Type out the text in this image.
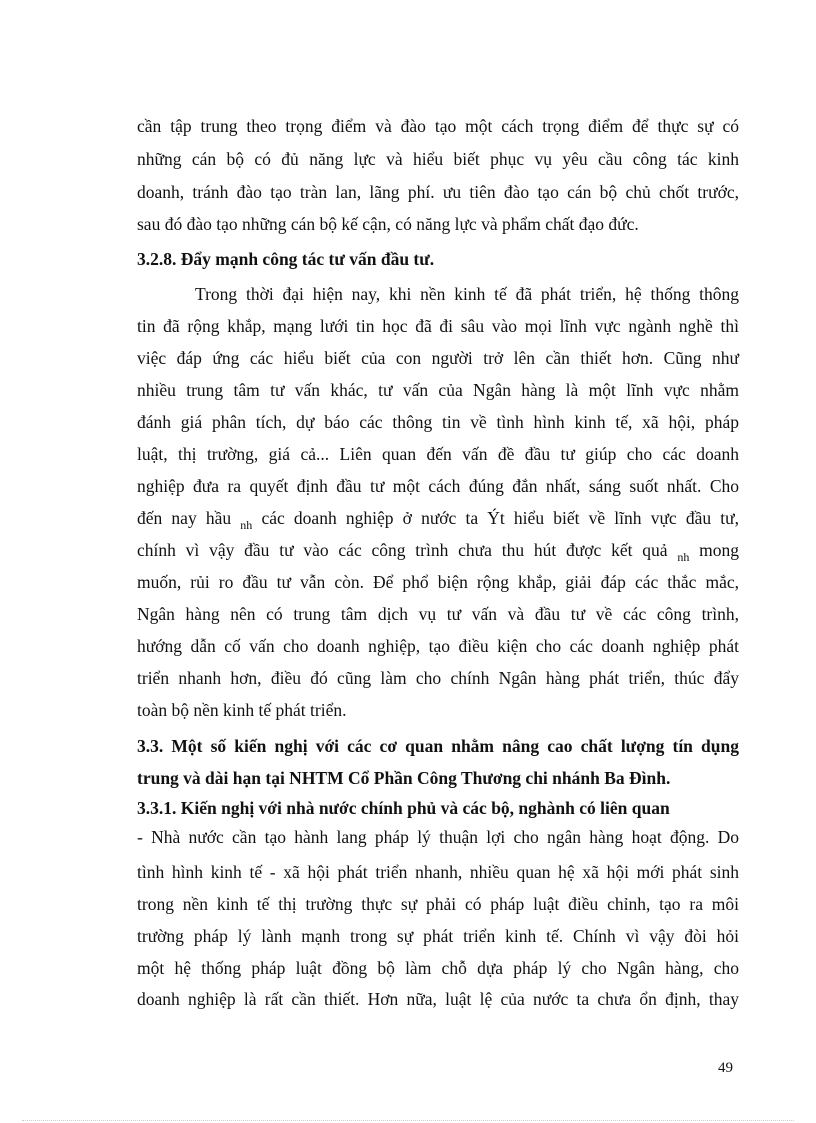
cần tập trung theo trọng điểm và đào tạo một cách trọng điểm để thực sự có
những cán bộ có đủ năng lực và hiểu biết phục vụ yêu cầu công tác kinh
doanh, tránh đào tạo tràn lan, lãng phí. ưu tiên đào tạo cán bộ chủ chốt trước,
sau đó đào tạo những cán bộ kế cận, có năng lực và phẩm chất đạo đức.
3.2.8. Đẩy mạnh công tác tư vấn đầu tư.
Trong thời đại hiện nay, khi nền kinh tế đã phát triển, hệ thống thông
tin đã rộng khắp, mạng lưới tin học đã đi sâu vào mọi lĩnh vực ngành nghề thì
việc đáp ứng các hiểu biết của con người trở lên cần thiết hơn. Cũng như
nhiều trung tâm tư vấn khác, tư vấn của Ngân hàng là một lĩnh vực nhằm
đánh giá phân tích, dự báo các thông tin về tình hình kinh tế, xã hội, pháp
luật, thị trường, giá cả... Liên quan đến vấn đề đầu tư giúp cho các doanh
nghiệp đưa ra quyết định đầu tư một cách đúng đắn nhất, sáng suốt nhất. Cho
đến nay hầu $_{nh}$ các doanh nghiệp ở nước ta Ýt hiểu biết về lĩnh vực đầu tư,
chính vì vậy đầu tư vào các công trình chưa thu hút được kết quả $_{nh}$ mong
muốn, rủi ro đầu tư vẫn còn. Để phổ biện rộng khắp, giải đáp các thắc mắc,
Ngân hàng nên có trung tâm dịch vụ tư vấn và đầu tư về các công trình,
hướng dẫn cố vấn cho doanh nghiệp, tạo điều kiện cho các doanh nghiệp phát
triển nhanh hơn, điều đó cũng làm cho chính Ngân hàng phát triển, thúc đẩy
toàn bộ nền kinh tế phát triển.
3.3. Một số kiến nghị với các cơ quan nhằm nâng cao chất lượng tín dụng
trung và dài hạn tại NHTM Cổ Phần Công Thương chi nhánh Ba Đình.
3.3.1. Kiến nghị với nhà nước chính phủ và các bộ, nghành có liên quan
- Nhà nước cần tạo hành lang pháp lý thuận lợi cho ngân hàng hoạt động. Do
tình hình kinh tế - xã hội phát triển nhanh, nhiều quan hệ xã hội mới phát sinh
trong nền kinh tế thị trường thực sự phải có pháp luật điều chỉnh, tạo ra môi
trường pháp lý lành mạnh trong sự phát triển kinh tế. Chính vì vậy đòi hỏi
một hệ thống pháp luật đồng bộ làm chỗ dựa pháp lý cho Ngân hàng, cho
doanh nghiệp là rất cần thiết. Hơn nữa, luật lệ của nước ta chưa ổn định, thay
49
